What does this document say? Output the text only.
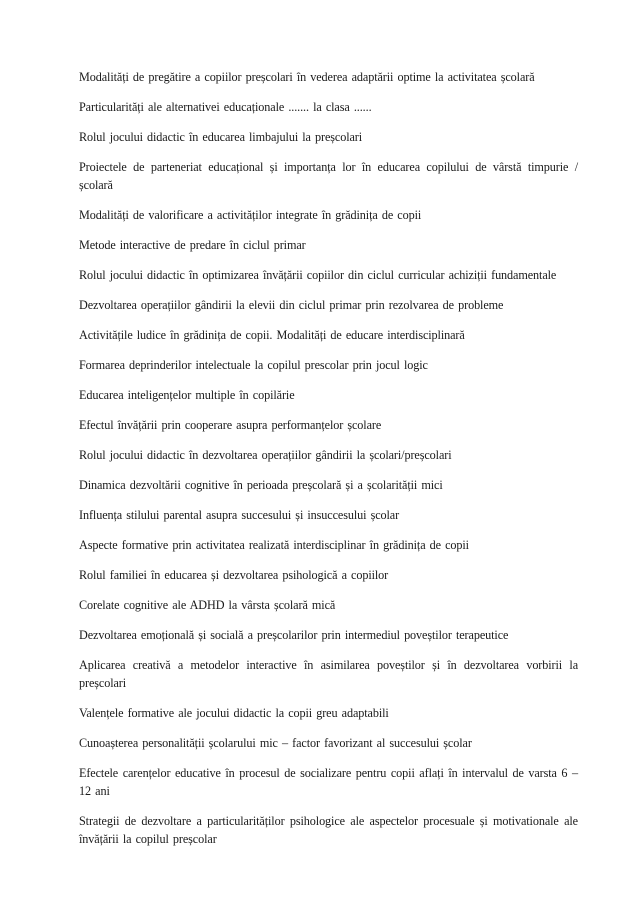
Modalități de pregătire a copiilor preșcolari în vederea adaptării optime la activitatea școlară
Particularități ale alternativei educaționale ....... la clasa ......
Rolul jocului didactic în educarea limbajului la preșcolari
Proiectele de parteneriat educațional și importanța lor în educarea copilului de vârstă timpurie / școlară
Modalități de valorificare a activităților integrate în grădinița de copii
Metode interactive de predare în ciclul primar
Rolul jocului didactic în optimizarea învățării copiilor din ciclul curricular achiziții fundamentale
Dezvoltarea operațiilor gândirii la elevii din ciclul primar prin rezolvarea de probleme
Activitățile ludice în grădinița de copii. Modalități de educare interdisciplinară
Formarea deprinderilor intelectuale la copilul prescolar prin jocul logic
Educarea inteligențelor multiple în copilărie
Efectul învățării prin cooperare asupra performanțelor școlare
Rolul jocului didactic în dezvoltarea operațiilor gândirii la școlari/preșcolari
Dinamica dezvoltării cognitive în perioada preșcolară și a școlarității mici
Influența stilului parental asupra succesului și insuccesului școlar
Aspecte formative prin activitatea realizată interdisciplinar în grădinița de copii
Rolul familiei în educarea și dezvoltarea psihologică a copiilor
Corelate cognitive ale ADHD la vârsta școlară mică
Dezvoltarea emoțională și socială a preșcolarilor prin intermediul poveștilor terapeutice
Aplicarea creativă a metodelor interactive în asimilarea poveștilor și în dezvoltarea vorbirii la preșcolari
Valențele formative ale jocului didactic la copii greu adaptabili
Cunoașterea personalității școlarului mic – factor favorizant al succesului școlar
Efectele carențelor educative în procesul de socializare pentru copii aflați în intervalul de varsta 6 – 12 ani
Strategii de dezvoltare a particularităților psihologice ale aspectelor procesuale și motivationale ale învățării la copilul preșcolar
